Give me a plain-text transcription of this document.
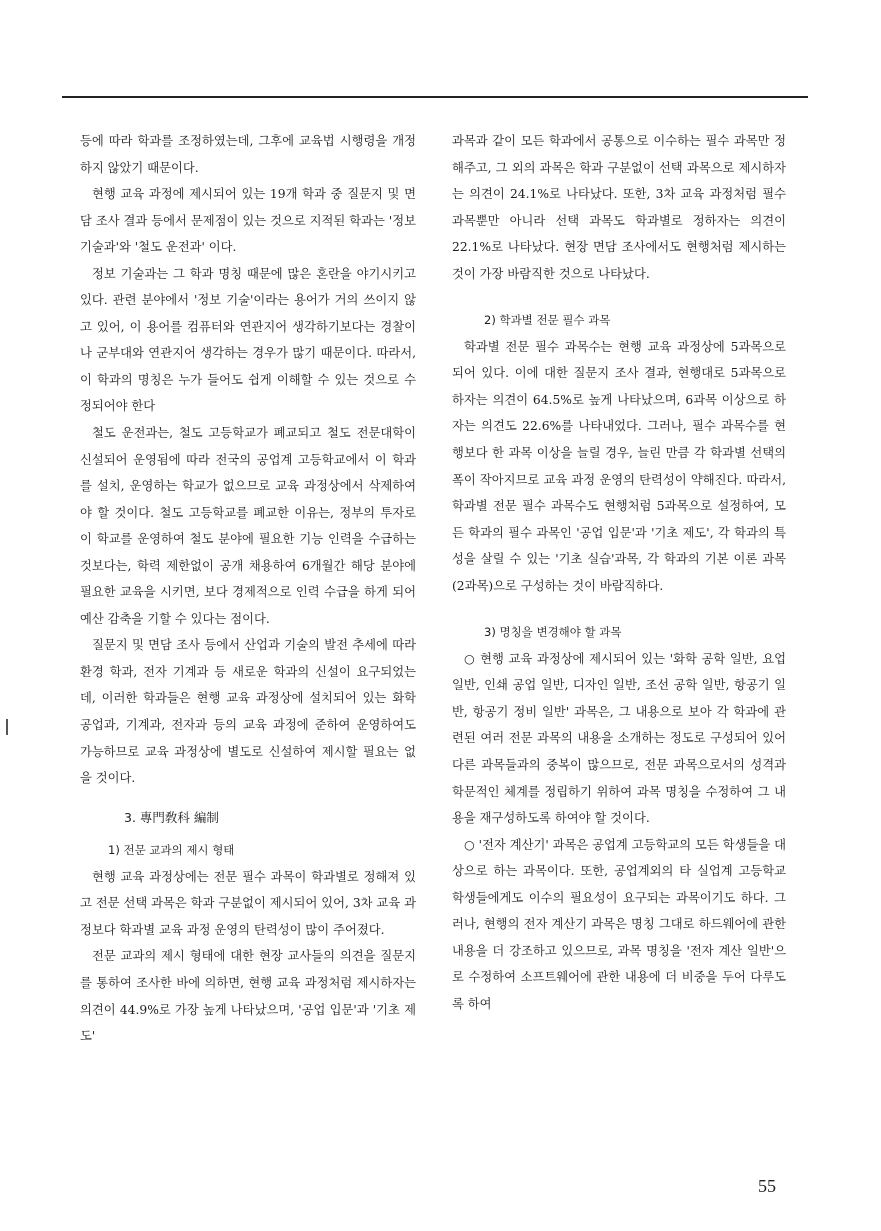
등에 따라 학과를 조정하였는데, 그후에 교육법 시행령을 개정하지 않았기 때문이다.

현행 교육 과정에 제시되어 있는 19개 학과 중 질문지 및 면담 조사 결과 등에서 문제점이 있는 것으로 지적된 학과는 '정보 기술과'와 '철도 운전과' 이다.

정보 기술과는 그 학과 명칭 때문에 많은 혼란을 야기시키고 있다. 관련 분야에서 '정보 기술'이라는 용어가 거의 쓰이지 않고 있어, 이 용어를 컴퓨터와 연관지어 생각하기보다는 경찰이나 군부대와 연관지어 생각하는 경우가 많기 때문이다. 따라서, 이 학과의 명칭은 누가 들어도 쉽게 이해할 수 있는 것으로 수정되어야 한다

철도 운전과는, 철도 고등학교가 폐교되고 철도 전문대학이 신설되어 운영됨에 따라 전국의 공업계 고등학교에서 이 학과를 설치, 운영하는 학교가 없으므로 교육 과정상에서 삭제하여야 할 것이다. 철도 고등학교를 폐교한 이유는, 정부의 투자로 이 학교를 운영하여 철도 분야에 필요한 기능 인력을 수급하는 것보다는, 학력 제한없이 공개 채용하여 6개월간 해당 분야에 필요한 교육을 시키면, 보다 경제적으로 인력 수급을 하게 되어 예산 감축을 기할 수 있다는 점이다.

질문지 및 면담 조사 등에서 산업과 기술의 발전 추세에 따라 환경 학과, 전자 기계과 등 새로운 학과의 신설이 요구되었는데, 이러한 학과들은 현행 교육 과정상에 설치되어 있는 화학 공업과, 기계과, 전자과 등의 교육 과정에 준하여 운영하여도 가능하므로 교육 과정상에 별도로 신설하여 제시할 필요는 없을 것이다.

3. 專門敎科 編制

1) 전문 교과의 제시 형태

현행 교육 과정상에는 전문 필수 과목이 학과별로 정해져 있고 전문 선택 과목은 학과 구분없이 제시되어 있어, 3차 교육 과정보다 학과별 교육 과정 운영의 탄력성이 많이 주어졌다.

전문 교과의 제시 형태에 대한 현장 교사들의 의견을 질문지를 통하여 조사한 바에 의하면, 현행 교육 과정처럼 제시하자는 의견이 44.9%로 가장 높게 나타났으며, '공업 입문'과 '기초 제도'

과목과 같이 모든 학과에서 공통으로 이수하는 필수 과목만 정해주고, 그 외의 과목은 학과 구분없이 선택 과목으로 제시하자는 의견이 24.1%로 나타났다. 또한, 3차 교육 과정처럼 필수 과목뿐만 아니라 선택 과목도 학과별로 정하자는 의견이 22.1%로 나타났다. 현장 면담 조사에서도 현행처럼 제시하는 것이 가장 바람직한 것으로 나타났다.

2) 학과별 전문 필수 과목

학과별 전문 필수 과목수는 현행 교육 과정상에 5과목으로 되어 있다. 이에 대한 질문지 조사 결과, 현행대로 5과목으로 하자는 의견이 64.5%로 높게 나타났으며, 6과목 이상으로 하자는 의견도 22.6%를 나타내었다. 그러나, 필수 과목수를 현행보다 한 과목 이상을 늘릴 경우, 늘린 만큼 각 학과별 선택의 폭이 작아지므로 교육 과정 운영의 탄력성이 약해진다. 따라서, 학과별 전문 필수 과목수도 현행처럼 5과목으로 설정하여, 모든 학과의 필수 과목인 '공업 입문'과 '기초 제도', 각 학과의 특성을 살릴 수 있는 '기초 실습'과목, 각 학과의 기본 이론 과목(2과목)으로 구성하는 것이 바람직하다.

3) 명칭을 변경해야 할 과목

○ 현행 교육 과정상에 제시되어 있는 '화학 공학 일반, 요업 일반, 인쇄 공업 일반, 디자인 일반, 조선 공학 일반, 항공기 일반, 항공기 정비 일반' 과목은, 그 내용으로 보아 각 학과에 관련된 여러 전문 과목의 내용을 소개하는 정도로 구성되어 있어 다른 과목들과의 중복이 많으므로, 전문 과목으로서의 성격과 학문적인 체계를 정립하기 위하여 과목 명칭을 수정하여 그 내용을 재구성하도록 하여야 할 것이다.

○ '전자 계산기' 과목은 공업계 고등학교의 모든 학생들을 대상으로 하는 과목이다. 또한, 공업계외의 타 실업계 고등학교 학생들에게도 이수의 필요성이 요구되는 과목이기도 하다. 그러나, 현행의 전자 계산기 과목은 명칭 그대로 하드웨어에 관한 내용을 더 강조하고 있으므로, 과목 명칭을 '전자 계산 일반'으로 수정하여 소프트웨어에 관한 내용에 더 비중을 두어 다루도록 하여

55
